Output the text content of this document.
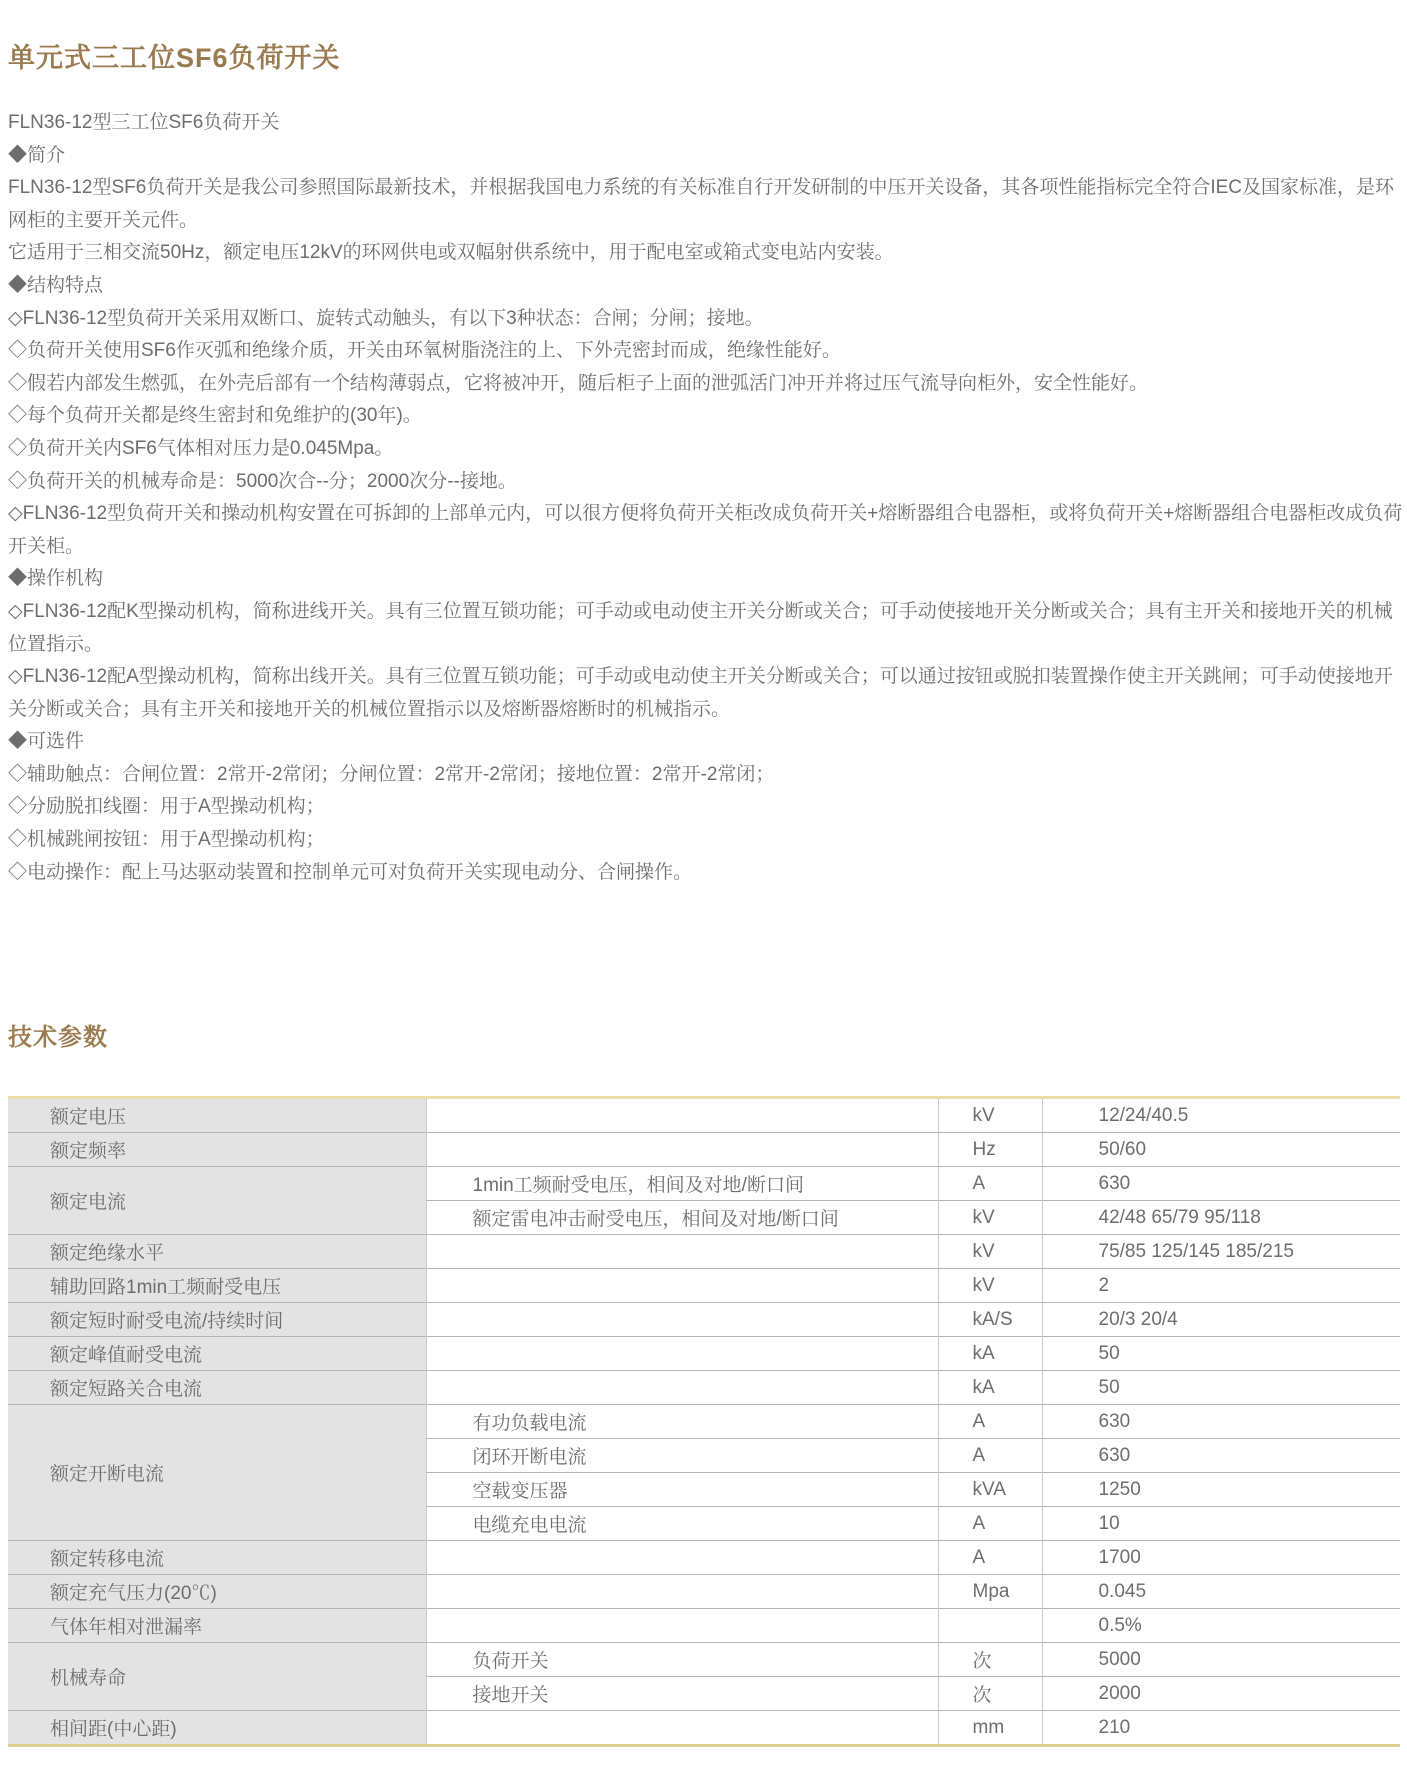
单元式三工位SF6负荷开关
FLN36-12型三工位SF6负荷开关
◆简介
FLN36-12型SF6负荷开关是我公司参照国际最新技术，并根据我国电力系统的有关标准自行开发研制的中压开关设备，其各项性能指标完全符合IEC及国家标准，是环网柜的主要开关元件。
它适用于三相交流50Hz，额定电压12kV的环网供电或双幅射供系统中，用于配电室或箱式变电站内安装。
◆结构特点
◇FLN36-12型负荷开关采用双断口、旋转式动触头，有以下3种状态：合闸；分闸；接地。
◇负荷开关使用SF6作灭弧和绝缘介质，开关由环氧树脂浇注的上、下外壳密封而成，绝缘性能好。
◇假若内部发生燃弧，在外壳后部有一个结构薄弱点，它将被冲开，随后柜子上面的泄弧活门冲开并将过压气流导向柜外，安全性能好。
◇每个负荷开关都是终生密封和免维护的(30年)。
◇负荷开关内SF6气体相对压力是0.045Mpa。
◇负荷开关的机械寿命是：5000次合--分；2000次分--接地。
◇FLN36-12型负荷开关和操动机构安置在可拆卸的上部单元内，可以很方便将负荷开关柜改成负荷开关+熔断器组合电器柜，或将负荷开关+熔断器组合电器柜改成负荷开关柜。
◆操作机构
◇FLN36-12配K型操动机构，简称进线开关。具有三位置互锁功能；可手动或电动使主开关分断或关合；可手动使接地开关分断或关合；具有主开关和接地开关的机械位置指示。
◇FLN36-12配A型操动机构，简称出线开关。具有三位置互锁功能；可手动或电动使主开关分断或关合；可以通过按钮或脱扣装置操作使主开关跳闸；可手动使接地开关分断或关合；具有主开关和接地开关的机械位置指示以及熔断器熔断时的机械指示。
◆可选件
◇辅助触点：合闸位置：2常开-2常闭；分闸位置：2常开-2常闭；接地位置：2常开-2常闭；
◇分励脱扣线圈：用于A型操动机构；
◇机械跳闸按钮：用于A型操动机构；
◇电动操作：配上马达驱动装置和控制单元可对负荷开关实现电动分、合闸操作。
技术参数
额定电压		kV	12/24/40.5
额定频率		Hz	50/60
额定电流	1min工频耐受电压，相间及对地/断口间	A	630
	额定雷电冲击耐受电压，相间及对地/断口间	kV	42/48 65/79 95/118
额定绝缘水平		kV	75/85 125/145 185/215
辅助回路1min工频耐受电压		kV	2
额定短时耐受电流/持续时间		kA/S	20/3 20/4
额定峰值耐受电流		kA	50
额定短路关合电流		kA	50
额定开断电流	有功负载电流	A	630
	闭环开断电流	A	630
	空载变压器	kVA	1250
	电缆充电电流	A	10
额定转移电流		A	1700
额定充气压力(20℃)		Mpa	0.045
气体年相对泄漏率			0.5%
机械寿命	负荷开关	次	5000
	接地开关	次	2000
相间距(中心距)		mm	210
